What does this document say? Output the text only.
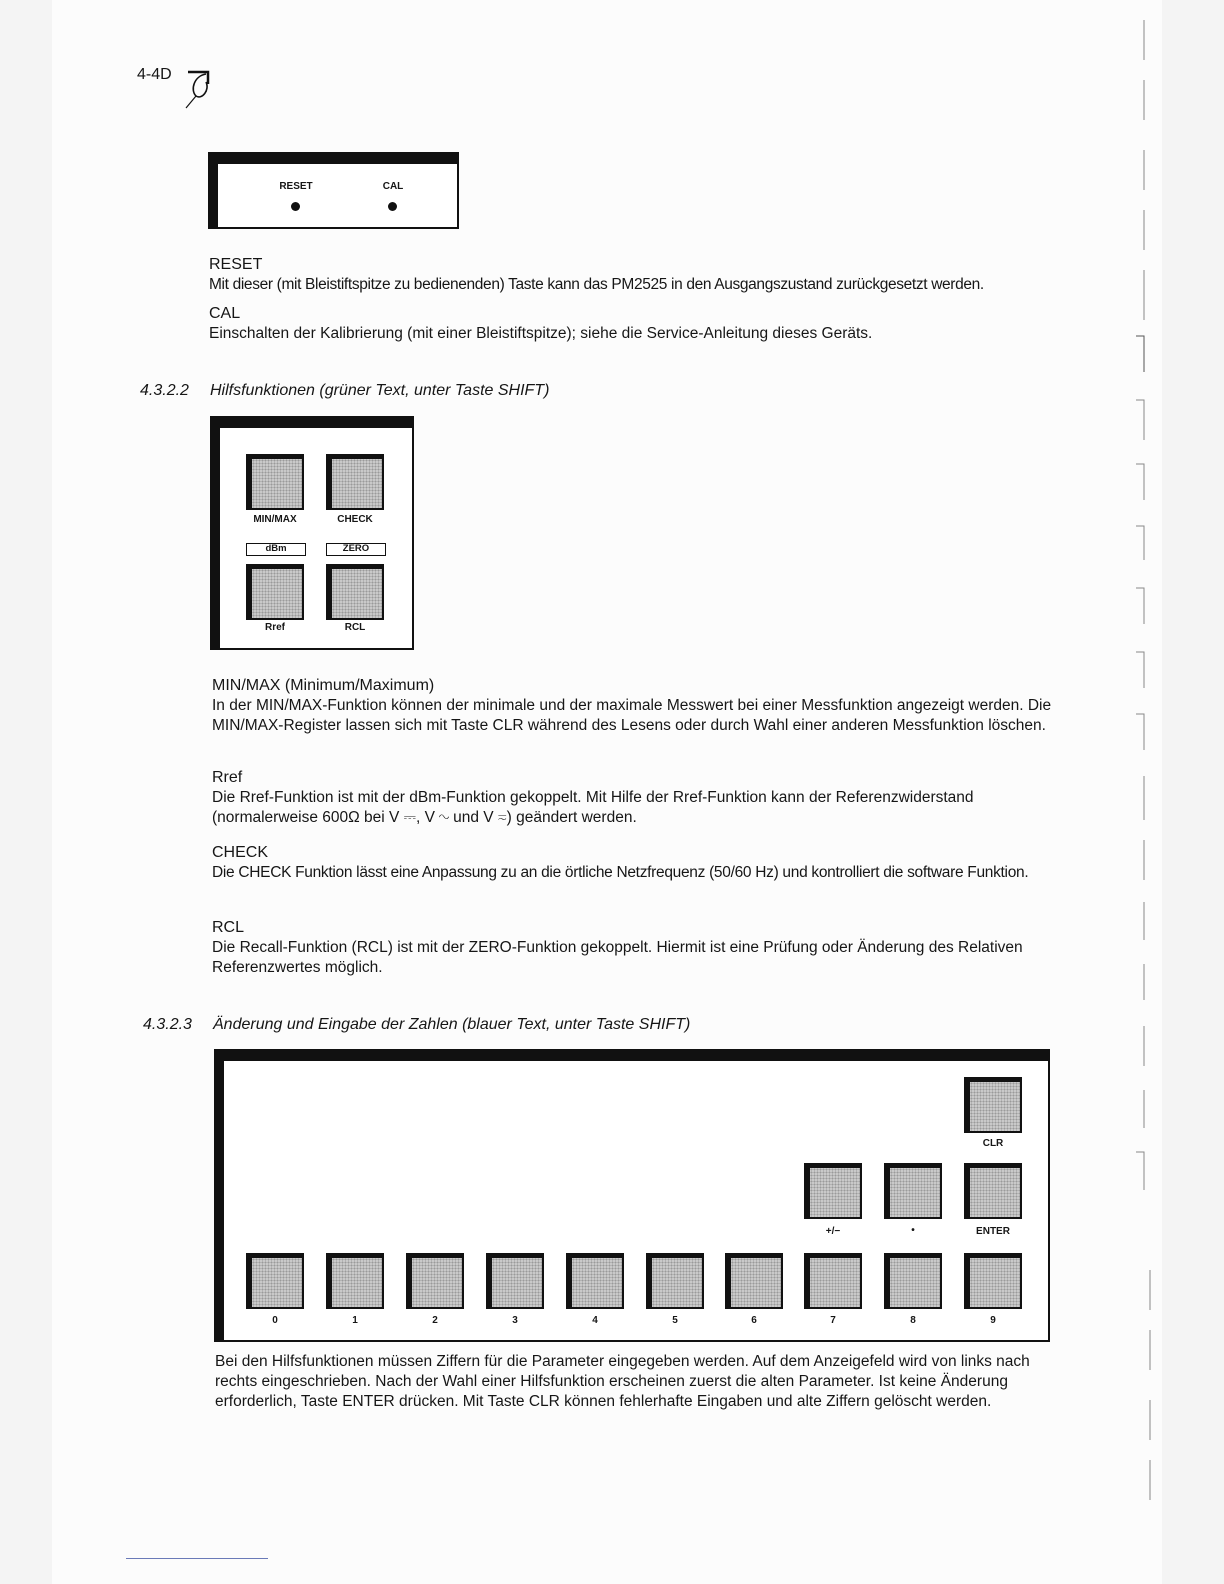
4-4D
RESET	CAL
RESET
Mit dieser (mit Bleistiftspitze zu bedienenden) Taste kann das PM2525 in den Ausgangszustand zurückgesetzt werden.
CAL
Einschalten der Kalibrierung (mit einer Bleistiftspitze); siehe die Service-Anleitung dieses Geräts.
4.3.2.2 Hilfsfunktionen (grüner Text, unter Taste SHIFT)
MIN/MAX	CHECK
dBm	ZERO
Rref	RCL
MIN/MAX (Minimum/Maximum)
In der MIN/MAX-Funktion können der minimale und der maximale Messwert bei einer Messfunktion angezeigt werden. Die MIN/MAX-Register lassen sich mit Taste CLR während des Lesens oder durch Wahl einer anderen Messfunktion löschen.
Rref
Die Rref-Funktion ist mit der dBm-Funktion gekoppelt. Mit Hilfe der Rref-Funktion kann der Referenzwiderstand (normalerweise 600Ω bei V ⎓, V ∿ und V ≂) geändert werden.
CHECK
Die CHECK Funktion lässt eine Anpassung zu an die örtliche Netzfrequenz (50/60 Hz) und kontrolliert die software Funktion.
RCL
Die Recall-Funktion (RCL) ist mit der ZERO-Funktion gekoppelt. Hiermit ist eine Prüfung oder Änderung des Relativen Referenzwertes möglich.
4.3.2.3 Änderung und Eingabe der Zahlen (blauer Text, unter Taste SHIFT)
CLR
+/−	•	ENTER
0	1	2	3	4	5	6	7	8	9
Bei den Hilfsfunktionen müssen Ziffern für die Parameter eingegeben werden. Auf dem Anzeigefeld wird von links nach rechts eingeschrieben. Nach der Wahl einer Hilfsfunktion erscheinen zuerst die alten Parameter. Ist keine Änderung erforderlich, Taste ENTER drücken. Mit Taste CLR können fehlerhafte Eingaben und alte Ziffern gelöscht werden.
